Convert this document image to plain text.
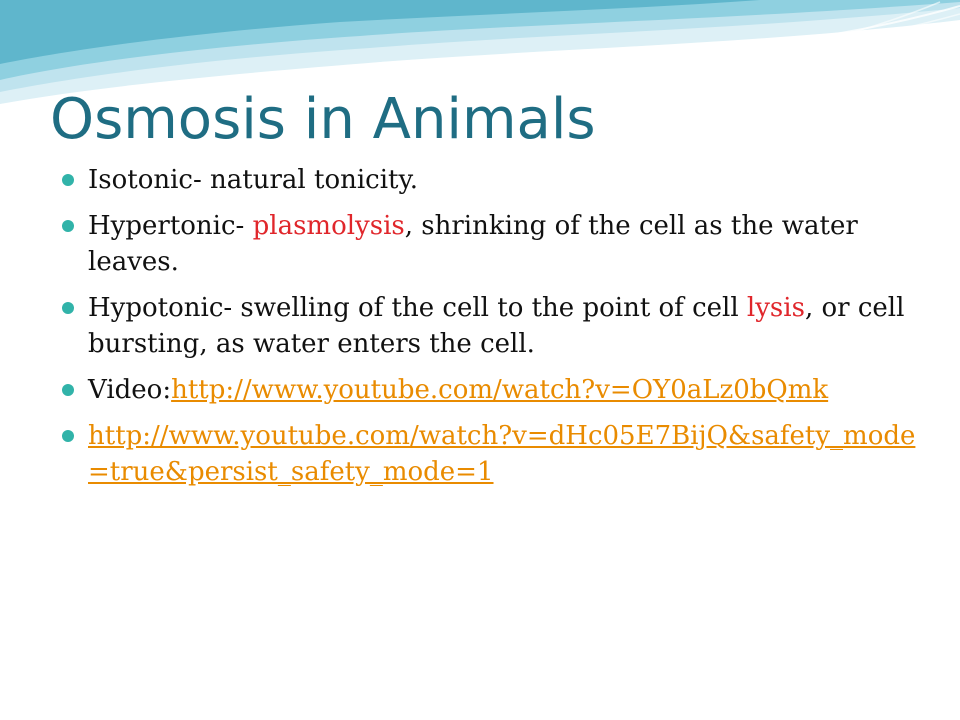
Osmosis in Animals
Isotonic- natural tonicity.
Hypertonic- plasmolysis, shrinking of the cell as the water leaves.
Hypotonic- swelling of the cell to the point of cell lysis, or cell bursting, as water enters the cell.
Video:http://www.youtube.com/watch?v=OY0aLz0bQmk
http://www.youtube.com/watch?v=dHc05E7BijQ&safety_mode=true&persist_safety_mode=1
